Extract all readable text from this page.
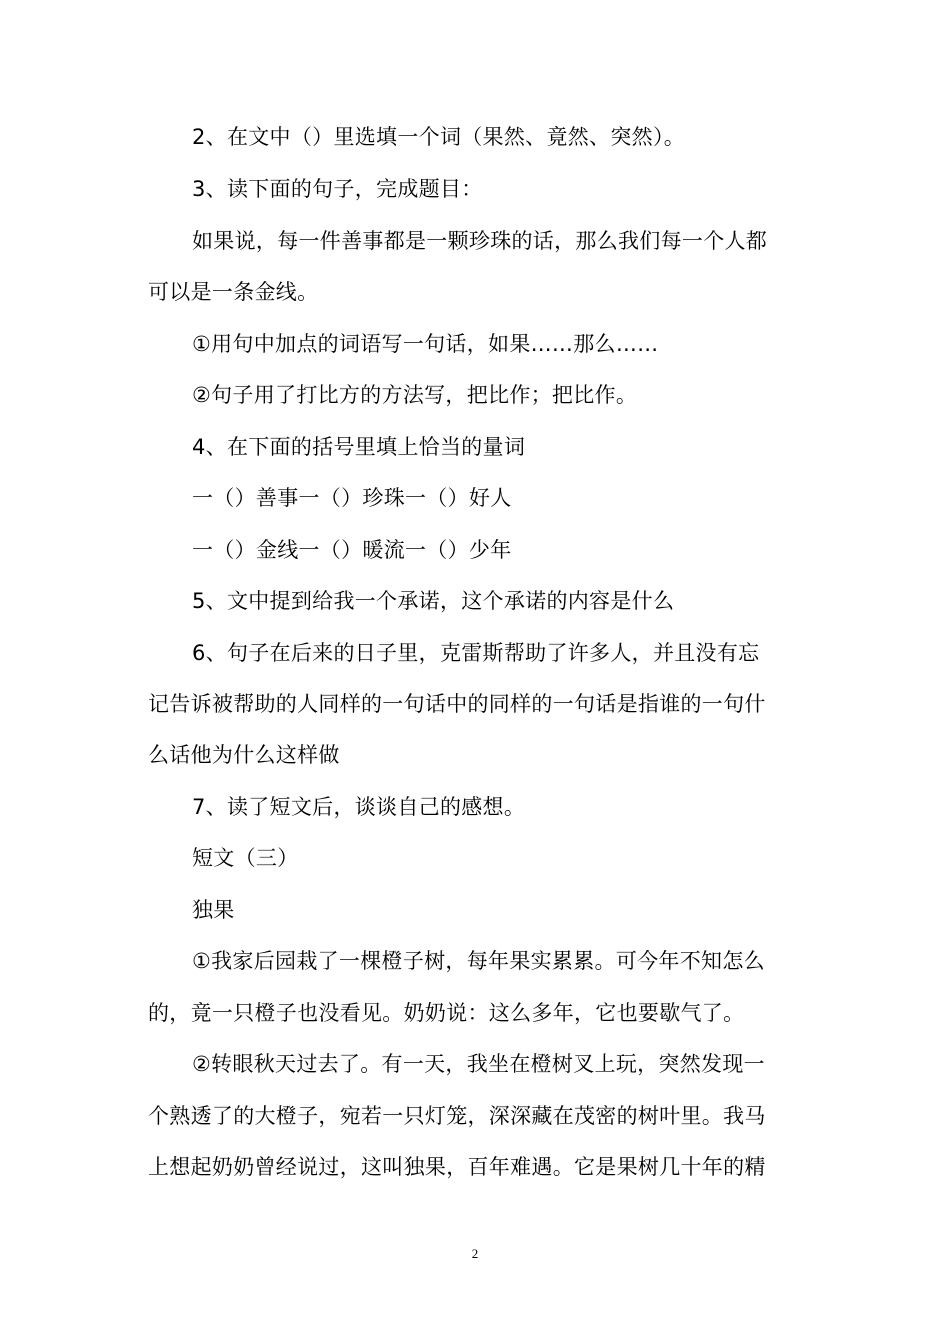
2、在文中（）里选填一个词（果然、竟然、突然）。
3、读下面的句子，完成题目：
如果说，每一件善事都是一颗珍珠的话，那么我们每一个人都
可以是一条金线。
①用句中加点的词语写一句话，如果……那么……
②句子用了打比方的方法写，把比作；把比作。
4、在下面的括号里填上恰当的量词
一（）善事一（）珍珠一（）好人
一（）金线一（）暖流一（）少年
5、文中提到给我一个承诺，这个承诺的内容是什么
6、句子在后来的日子里，克雷斯帮助了许多人，并且没有忘
记告诉被帮助的人同样的一句话中的同样的一句话是指谁的一句什
么话他为什么这样做
7、读了短文后，谈谈自己的感想。
短文（三）
独果
①我家后园栽了一棵橙子树，每年果实累累。可今年不知怎么
的，竟一只橙子也没看见。奶奶说：这么多年，它也要歇气了。
②转眼秋天过去了。有一天，我坐在橙树叉上玩，突然发现一
个熟透了的大橙子，宛若一只灯笼，深深藏在茂密的树叶里。我马
上想起奶奶曾经说过，这叫独果，百年难遇。它是果树几十年的精
2
